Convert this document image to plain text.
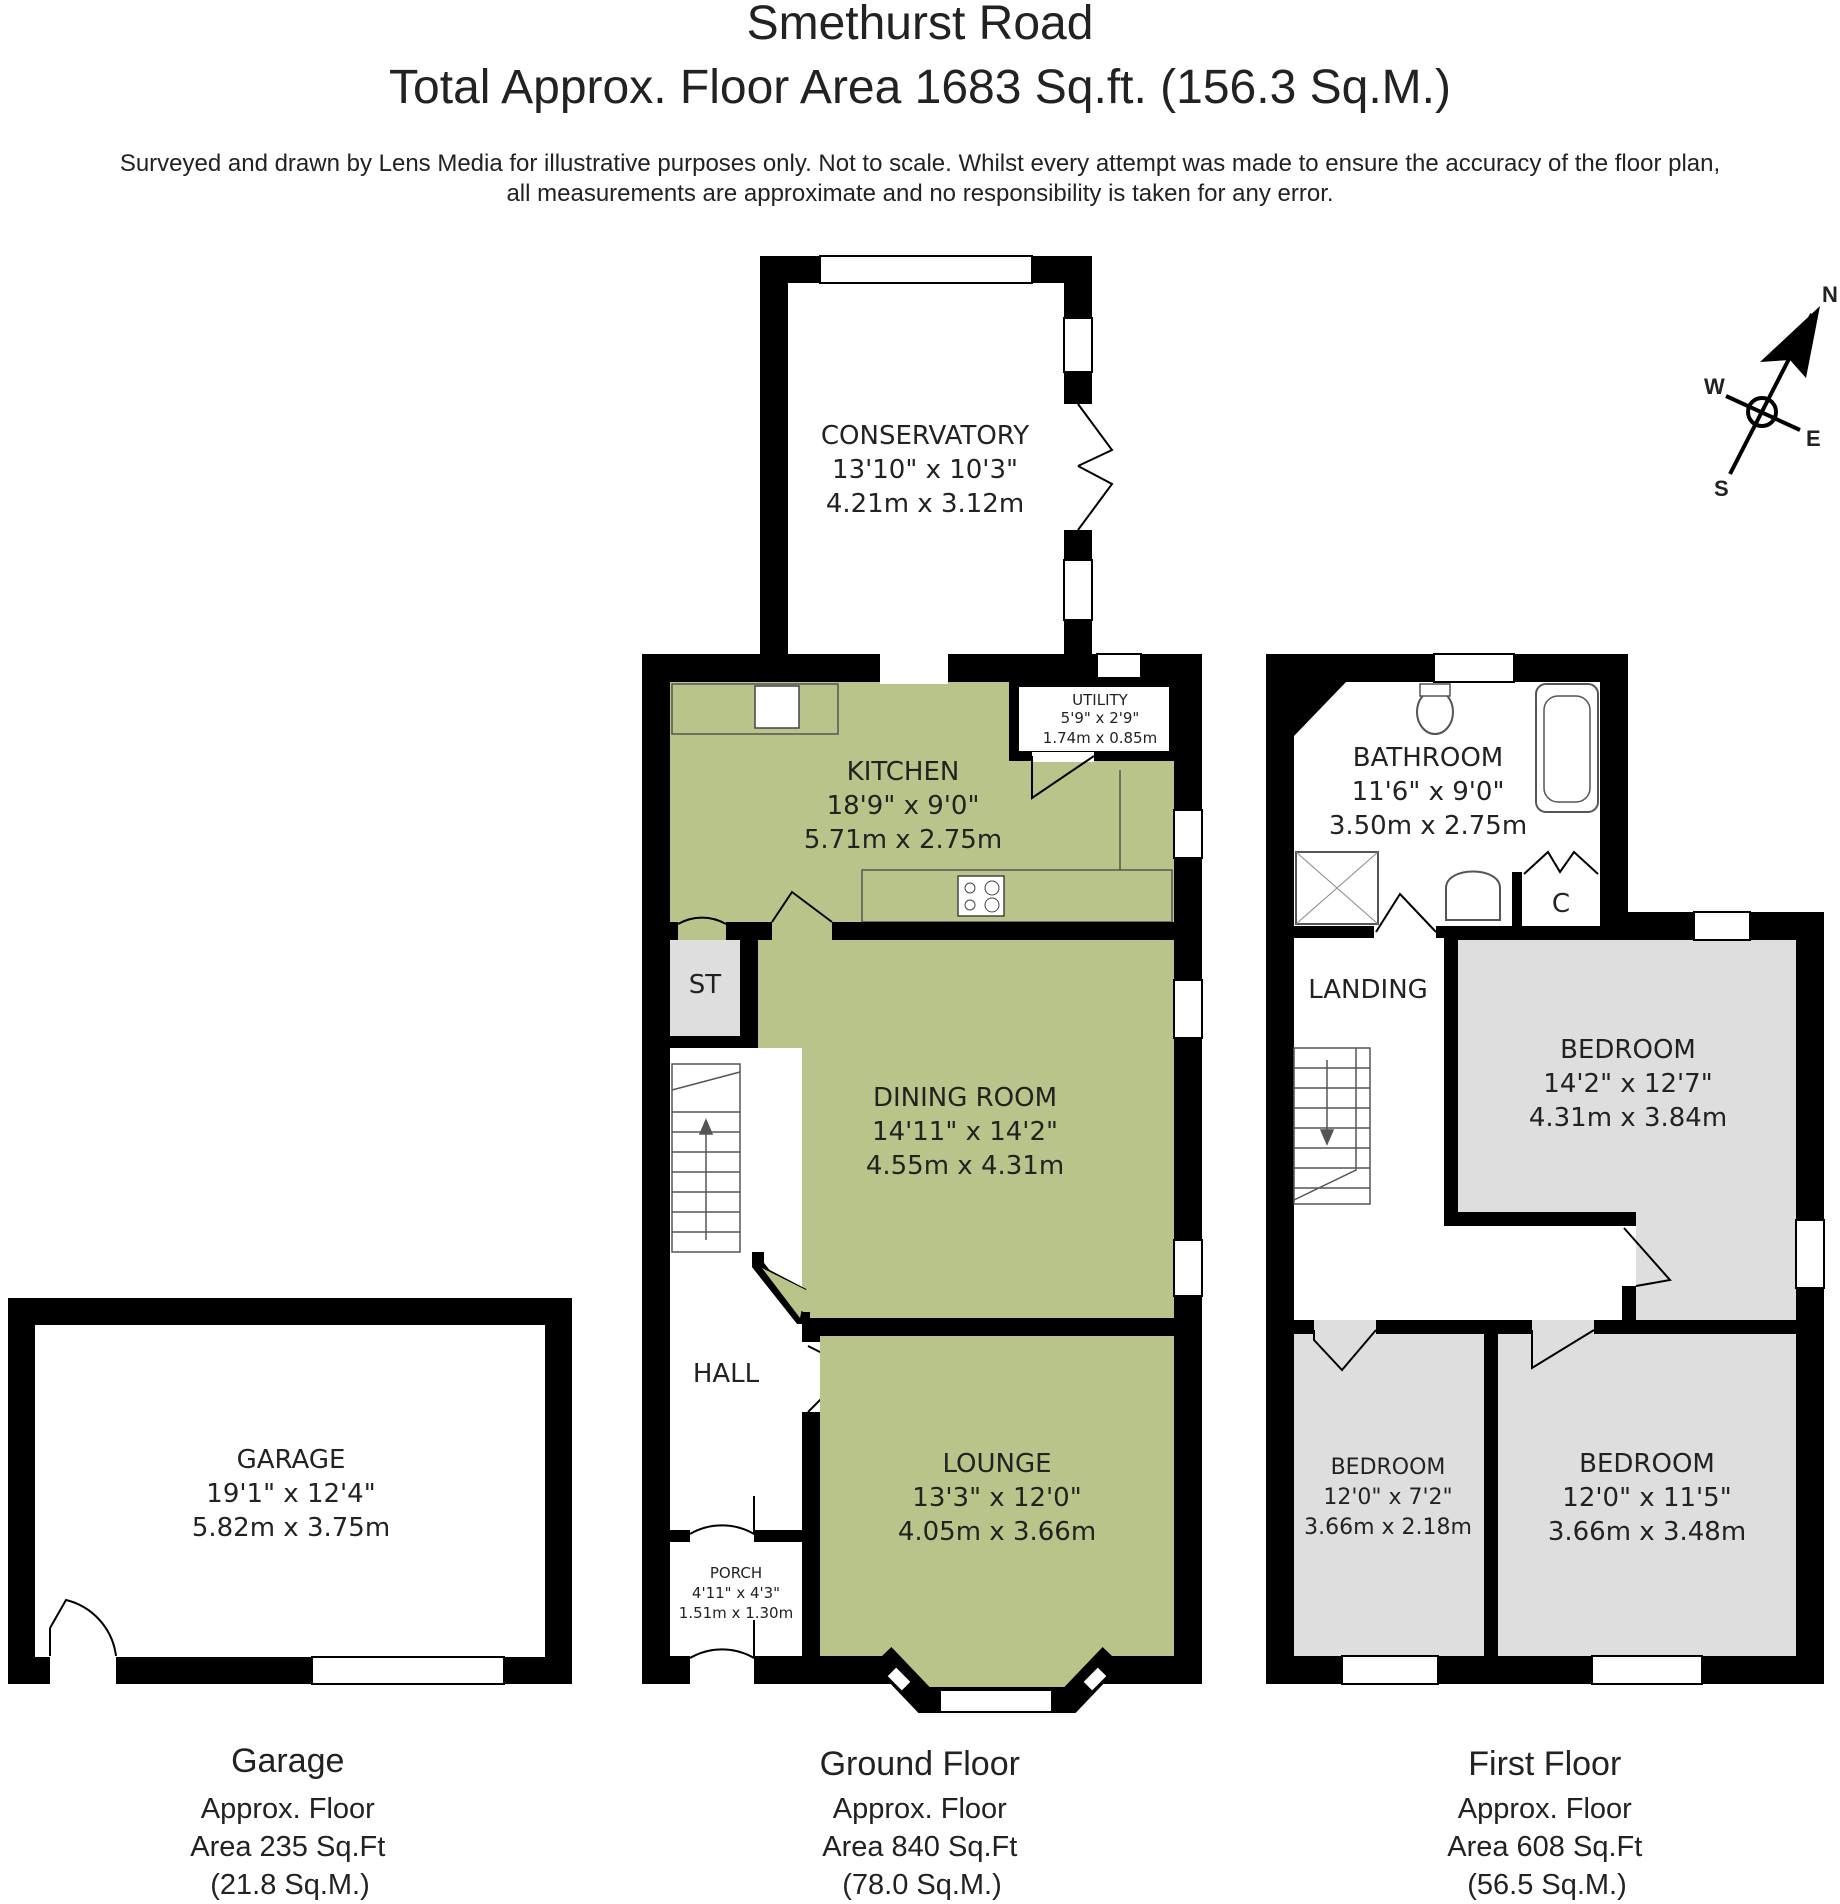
Smethurst Road
Total Approx. Floor Area 1683 Sq.ft. (156.3 Sq.M.)
Surveyed and drawn by Lens Media for illustrative purposes only. Not to scale. Whilst every attempt was made to ensure the accuracy of the floor plan,
all measurements are approximate and no responsibility is taken for any error.
GARAGE 19'1" x 12'4" 5.82m x 3.75m
UTILITY 5'9" x 2'9" 1.74m x 0.85m
ST
DINING ROOM 14'11" x 14'2" 4.55m x 4.31m
HALL
LOUNGE 13'3" x 12'0" 4.05m x 3.66m
PORCH 4'11" x 4'3" 1.51m x 1.30m
CONSERVATORY 13'10" x 10'3" 4.21m x 3.12m
KITCHEN 18'9" x 9'0" 5.71m x 2.75m
BATHROOM 11'6" x 9'0" 3.50m x 2.75m
C
LANDING
BEDROOM 14'2" x 12'7" 4.31m x 3.84m
BEDROOM 12'0" x 7'2" 3.66m x 2.18m
BEDROOM 12'0" x 11'5" 3.66m x 3.48m
Garage Approx. Floor Area 235 Sq.Ft (21.8 Sq.M.)
Ground Floor Approx. Floor Area 840 Sq.Ft (78.0 Sq.M.)
First Floor Approx. Floor Area 608 Sq.Ft (56.5 Sq.M.)
N
E
S
W
